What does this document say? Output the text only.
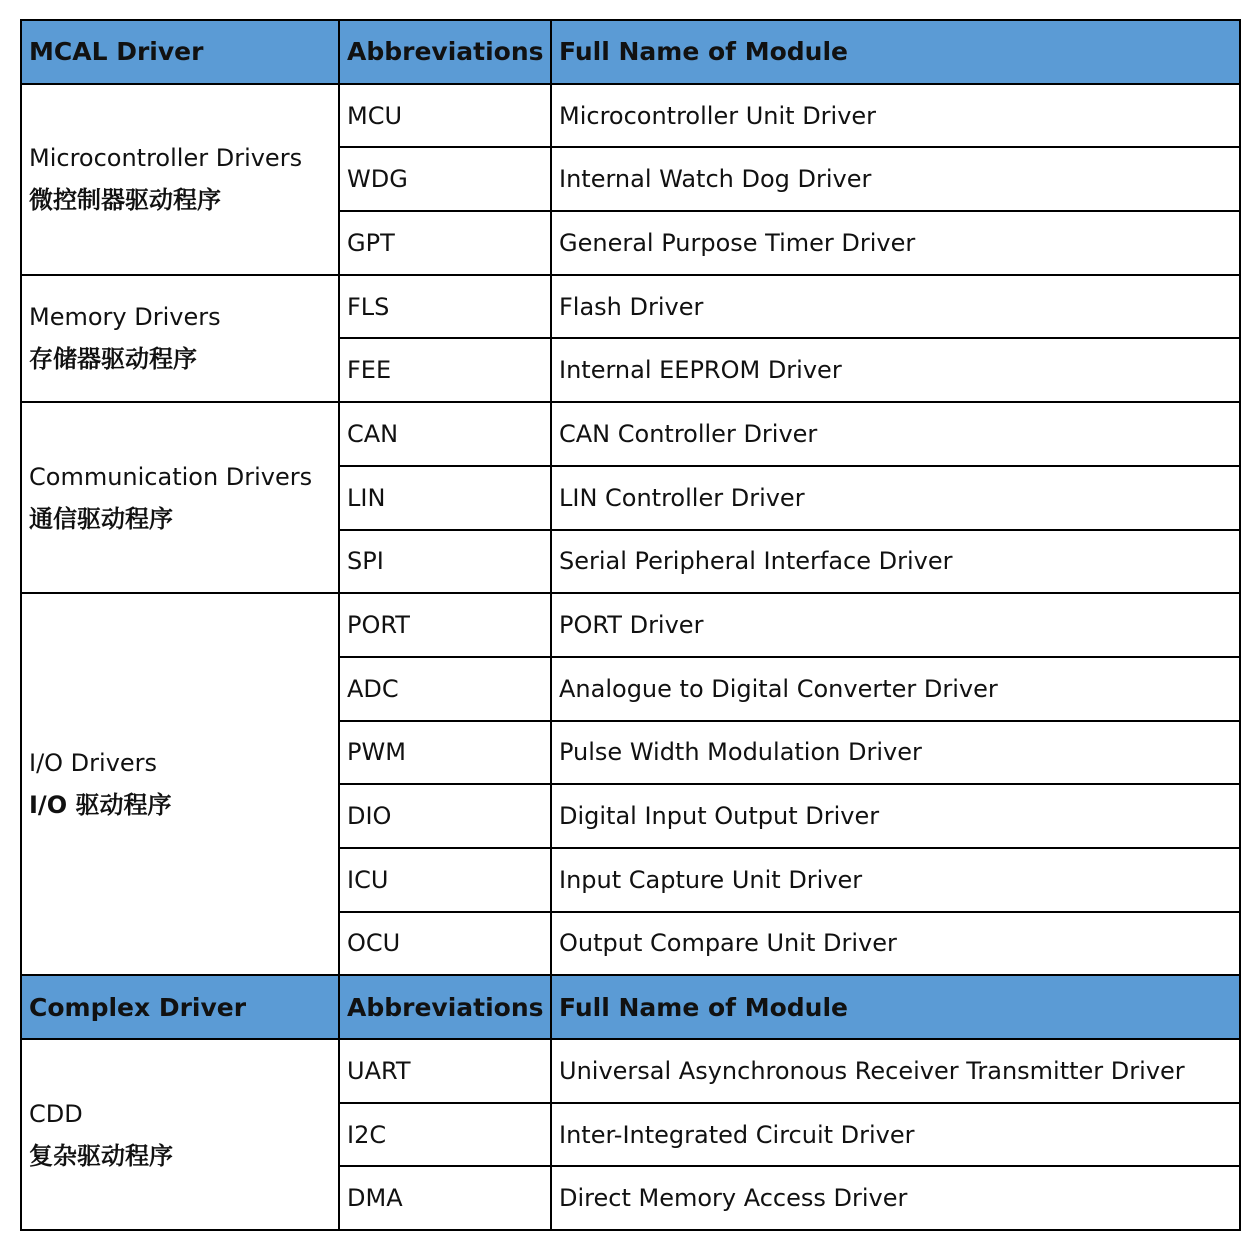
MCAL Driver	Abbreviations	Full Name of Module

Microcontroller Drivers
微控制器驱动程序	MCU	Microcontroller Unit Driver
	WDG	Internal Watch Dog Driver
	GPT	General Purpose Timer Driver

Memory Drivers
存储器驱动程序	FLS	Flash Driver
	FEE	Internal EEPROM Driver

Communication Drivers
通信驱动程序	CAN	CAN Controller Driver
	LIN	LIN Controller Driver
	SPI	Serial Peripheral Interface Driver

I/O Drivers
I/O 驱动程序	PORT	PORT Driver
	ADC	Analogue to Digital Converter Driver
	PWM	Pulse Width Modulation Driver
	DIO	Digital Input Output Driver
	ICU	Input Capture Unit Driver
	OCU	Output Compare Unit Driver
Complex Driver	Abbreviations	Full Name of Module

CDD
复杂驱动程序	UART	Universal Asynchronous Receiver Transmitter Driver
	I2C	Inter-Integrated Circuit Driver
	DMA	Direct Memory Access Driver
